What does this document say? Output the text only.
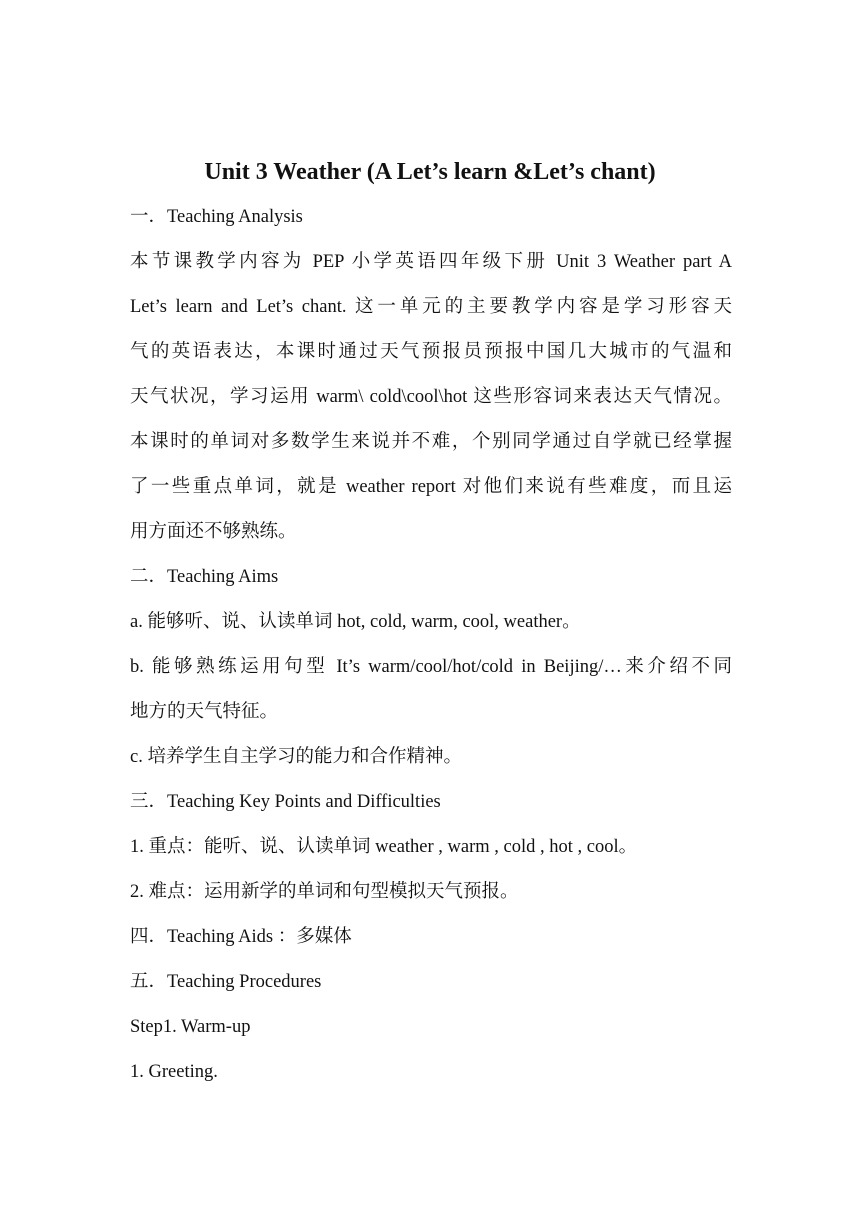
Unit 3 Weather (A Let’s learn &Let’s chant)
一．Teaching Analysis
本节课教学内容为 PEP 小学英语四年级下册 Unit 3 Weather part A
Let’s learn and Let’s chant. 这一单元的主要教学内容是学习形容天
气的英语表达，本课时通过天气预报员预报中国几大城市的气温和
天气状况，学习运用 warm\ cold\cool\hot 这些形容词来表达天气情况。
本课时的单词对多数学生来说并不难，个别同学通过自学就已经掌握
了一些重点单词，就是 weather report 对他们来说有些难度，而且运
用方面还不够熟练。
二．Teaching Aims
a. 能够听、说、认读单词 hot, cold, warm, cool, weather。
b. 能够熟练运用句型 It’s warm/cool/hot/cold in Beijing/…来介绍不同
地方的天气特征。
c. 培养学生自主学习的能力和合作精神。
三．Teaching Key Points and Difficulties
1. 重点：能听、说、认读单词 weather , warm , cold , hot , cool。
2. 难点：运用新学的单词和句型模拟天气预报。
四．Teaching Aids ：多媒体
五．Teaching Procedures
Step1. Warm-up
1. Greeting.
